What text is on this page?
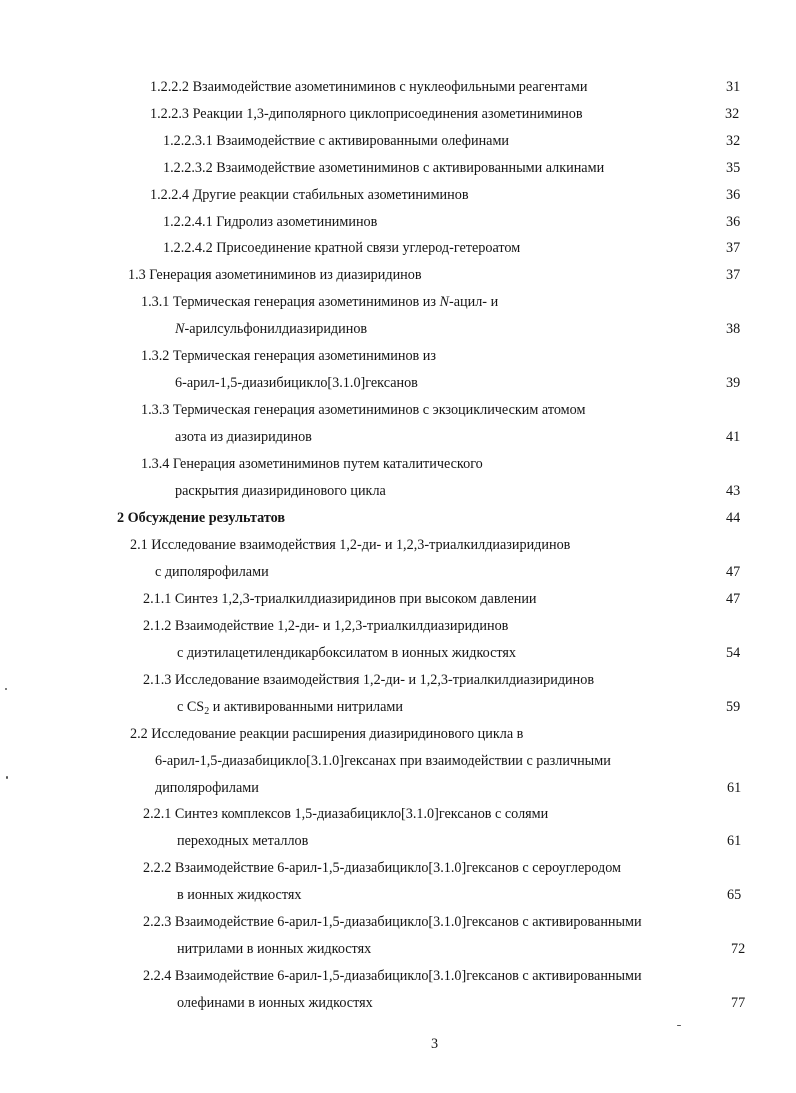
1.2.2.2 Взаимодействие азометиниминов с нуклеофильными реагентами	31
1.2.2.3 Реакции 1,3-диполярного циклоприсоединения азометиниминов	32
1.2.2.3.1 Взаимодействие с активированными олефинами	32
1.2.2.3.2 Взаимодействие азометиниминов с активированными алкинами	35
1.2.2.4 Другие реакции стабильных азометиниминов	36
1.2.2.4.1 Гидролиз азометиниминов	36
1.2.2.4.2 Присоединение кратной связи углерод-гетероатом	37
1.3 Генерация азометиниминов из диазиридинов	37
1.3.1 Термическая генерация азометиниминов из N-ацил- и
N-арилсульфонилдиазиридинов	38
1.3.2 Термическая генерация азометиниминов из
6-арил-1,5-диазибицикло[3.1.0]гексанов	39
1.3.3 Термическая генерация азометиниминов с экзоциклическим атомом
азота из диазиридинов	41
1.3.4 Генерация азометиниминов путем каталитического
раскрытия диазиридинового цикла	43
2 Обсуждение результатов	44
2.1 Исследование взаимодействия 1,2-ди- и 1,2,3-триалкилдиазиридинов
с диполярофилами	47
2.1.1 Синтез 1,2,3-триалкилдиазиридинов при высоком давлении	47
2.1.2 Взаимодействие 1,2-ди- и 1,2,3-триалкилдиазиридинов
с диэтилацетилендикарбоксилатом в ионных жидкостях	54
2.1.3 Исследование взаимодействия 1,2-ди- и 1,2,3-триалкилдиазиридинов
с $CS_2$ и активированными нитрилами	59
2.2 Исследование реакции расширения диазиридинового цикла в
6-арил-1,5-диазабицикло[3.1.0]гексанах при взаимодействии с различными
диполярофилами	61
2.2.1 Синтез комплексов 1,5-диазабицикло[3.1.0]гексанов с солями
переходных металлов	61
2.2.2 Взаимодействие 6-арил-1,5-диазабицикло[3.1.0]гексанов с сероуглеродом
в ионных жидкостях	65
2.2.3 Взаимодействие 6-арил-1,5-диазабицикло[3.1.0]гексанов с активированными
нитрилами в ионных жидкостях	72
2.2.4 Взаимодействие 6-арил-1,5-диазабицикло[3.1.0]гексанов с активированными
олефинами в ионных жидкостях	77
3
